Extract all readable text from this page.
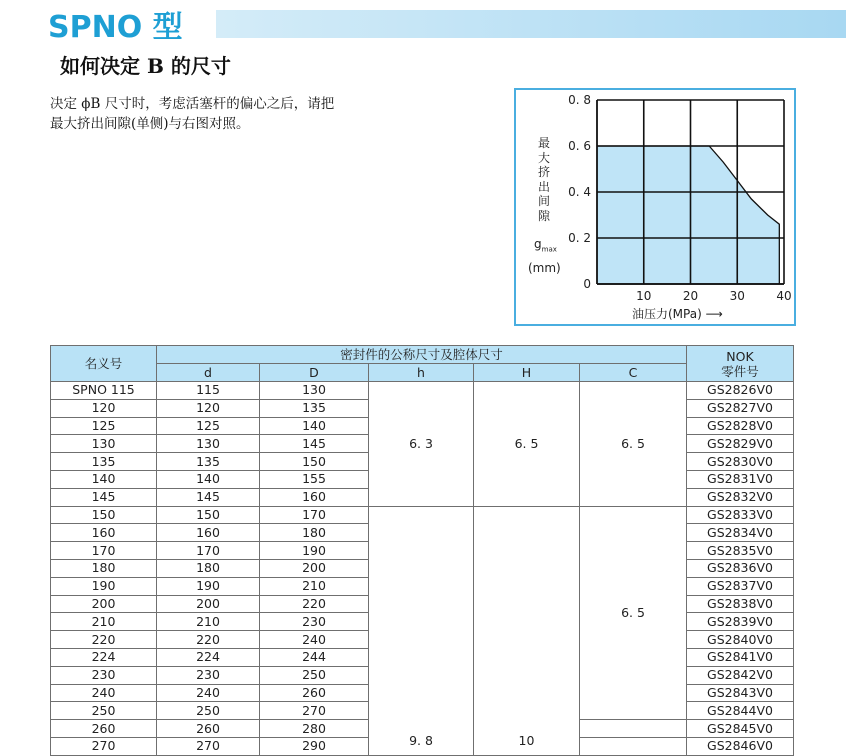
SPNO 型
如何决定 B 的尺寸
决定 ϕB 尺寸时，考虑活塞杆的偏心之后，请把
最大挤出间隙(单侧)与右图对照。
0
0. 2
0. 4
0. 6
0. 8
10	20	30	40
最
大
挤
出
间
隙
$g_{max}$
(mm)
油压力(MPa) ⟶
名义号	密封件的公称尺寸及腔体尺寸					NOK
零件号

	d	D	h	H	C	
SPNO 115	115	130	6. 3	6. 5	6. 5	GS2826V0
120	120	135				GS2827V0
125	125	140				GS2828V0
130	130	145				GS2829V0
135	135	150				GS2830V0
140	140	155				GS2831V0
145	145	160				GS2832V0
150	150	170	9. 8	10	6. 5	GS2833V0
160	160	180				GS2834V0
170	170	190				GS2835V0
180	180	200				GS2836V0
190	190	210				GS2837V0
200	200	220				GS2838V0
210	210	230				GS2839V0
220	220	240				GS2840V0
224	224	244				GS2841V0
230	230	250				GS2842V0
240	240	260				GS2843V0
250	250	270				GS2844V0
260	260	280				GS2845V0
270	270	290				GS2846V0
